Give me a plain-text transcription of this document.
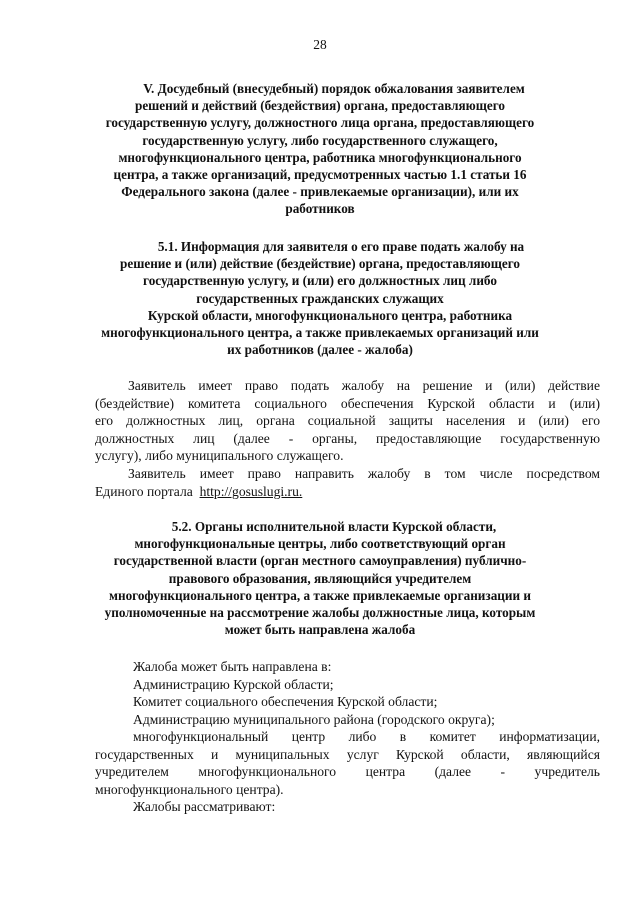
28
V. Досудебный (внесудебный) порядок обжалования заявителем
решений и действий (бездействия) органа, предоставляющего
государственную услугу, должностного лица органа, предоставляющего
государственную услугу, либо государственного служащего,
многофункционального центра, работника многофункционального
центра, а также организаций, предусмотренных частью 1.1 статьи 16
Федерального закона (далее - привлекаемые организации), или их
работников
5.1. Информация для заявителя о его праве подать жалобу на
решение и (или) действие (бездействие) органа, предоставляющего
государственную услугу, и (или) его должностных лиц либо
государственных гражданских служащих
Курской области, многофункционального центра, работника
многофункционального центра, а также привлекаемых организаций или
их работников (далее - жалоба)
Заявитель имеет право подать жалобу на решение и (или) действие
(бездействие) комитета социального обеспечения Курской области и (или)
его должностных лиц, органа социальной защиты населения и (или) его
должностных лиц (далее - органы, предоставляющие государственную
услугу), либо муниципального служащего.
Заявитель имеет право направить жалобу в том числе посредством
Единого портала  http://gosuslugi.ru.
5.2. Органы исполнительной власти Курской области,
многофункциональные центры, либо соответствующий орган
государственной власти (орган местного самоуправления) публично-
правового образования, являющийся учредителем
многофункционального центра, а также привлекаемые организации и
уполномоченные на рассмотрение жалобы должностные лица, которым
может быть направлена жалоба
Жалоба может быть направлена в:
Администрацию Курской области;
Комитет социального обеспечения Курской области;
Администрацию муниципального района (городского округа);
многофункциональный центр либо в комитет информатизации,
государственных и муниципальных услуг Курской области, являющийся
учредителем многофункционального центра (далее - учредитель
многофункционального центра).
Жалобы рассматривают:
